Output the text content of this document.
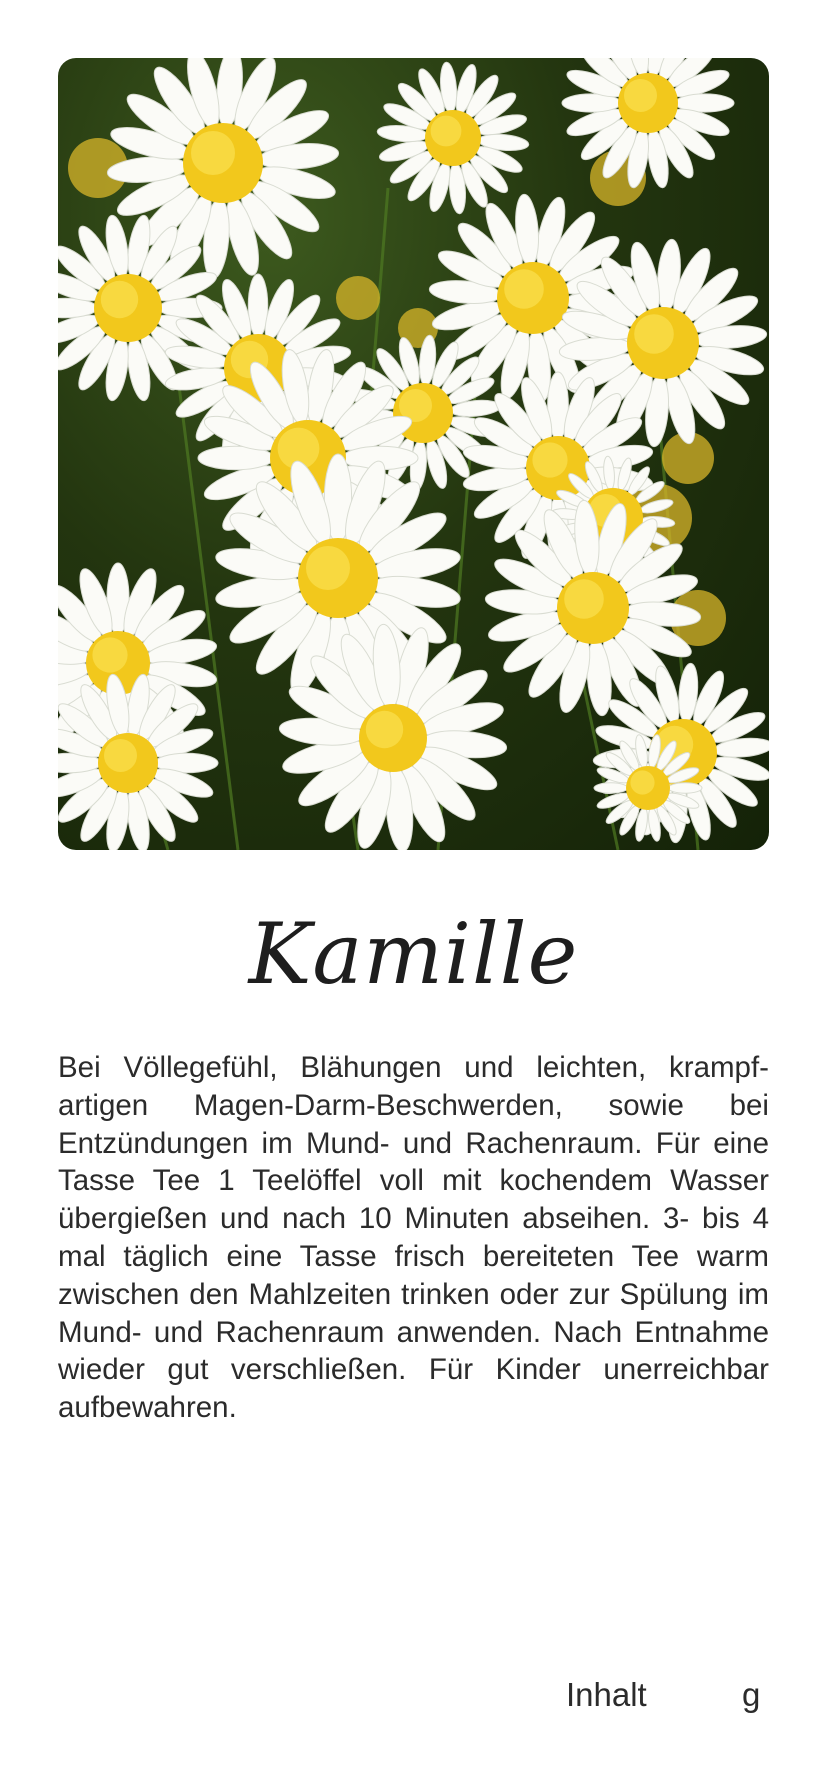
Kamille
Bei Völlegefühl, Blähungen und leichten, krampfartigen Magen-Darm-Beschwerden, sowie bei Entzündungen im Mund- und Rachenraum. Für eine Tasse Tee 1 Teelöffel voll mit kochendem Wasser übergießen und nach 10 Minuten abseihen. 3- bis 4 mal täglich eine Tasse frisch bereiteten Tee warm zwischen den Mahlzeiten trinken oder zur Spülung im Mund- und Rachenraum anwenden. Nach Entnahme wieder gut verschließen. Für Kinder unerreichbar aufbewahren.
Inhalt	g
